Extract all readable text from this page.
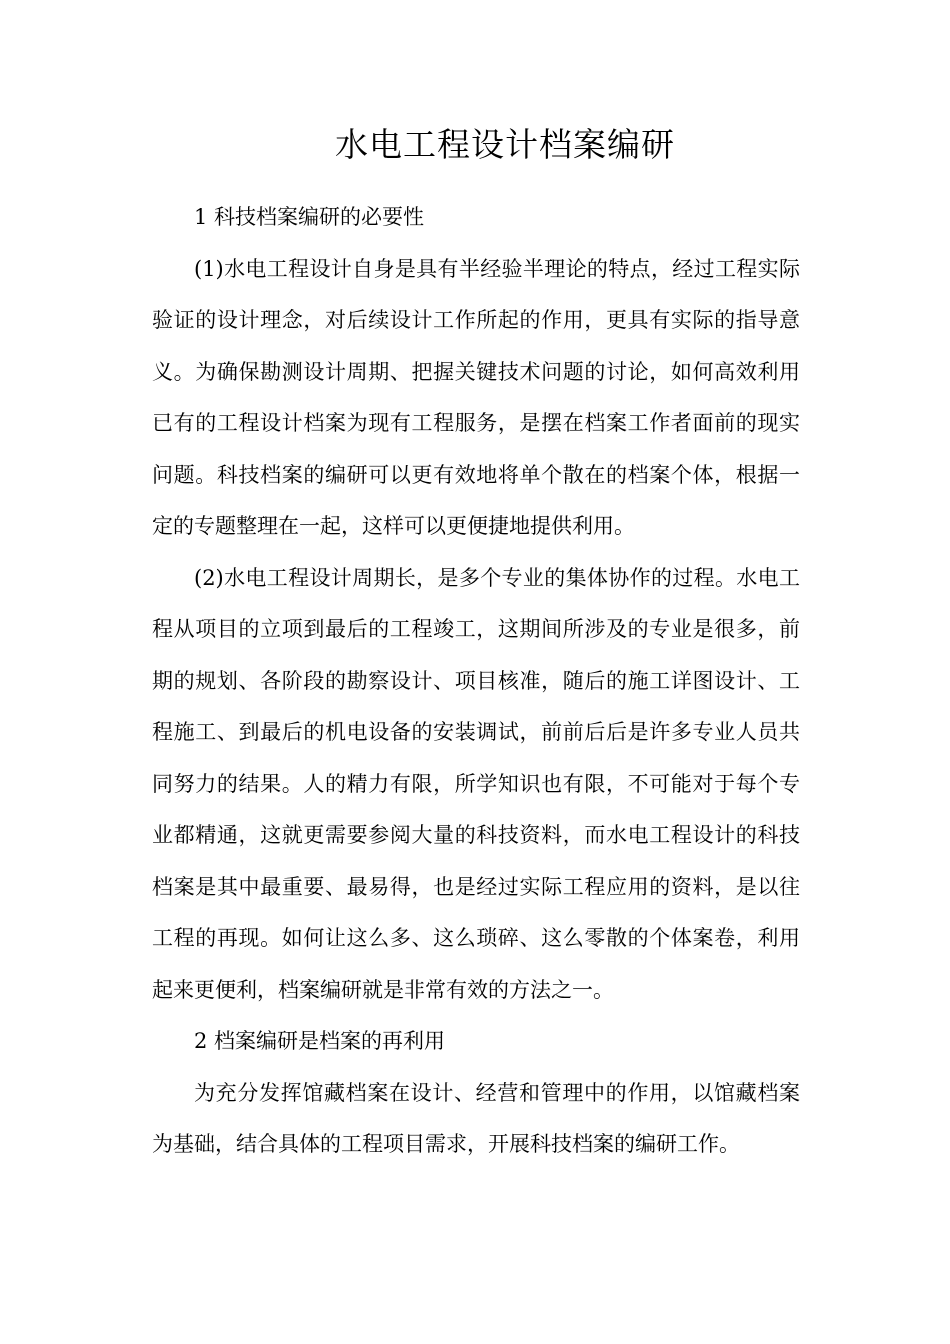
水电工程设计档案编研

1 科技档案编研的必要性

(1)水电工程设计自身是具有半经验半理论的特点，经过工程实际验证的设计理念，对后续设计工作所起的作用，更具有实际的指导意义。为确保勘测设计周期、把握关键技术问题的讨论，如何高效利用已有的工程设计档案为现有工程服务，是摆在档案工作者面前的现实问题。科技档案的编研可以更有效地将单个散在的档案个体，根据一定的专题整理在一起，这样可以更便捷地提供利用。

(2)水电工程设计周期长，是多个专业的集体协作的过程。水电工程从项目的立项到最后的工程竣工，这期间所涉及的专业是很多，前期的规划、各阶段的勘察设计、项目核准，随后的施工详图设计、工程施工、到最后的机电设备的安装调试，前前后后是许多专业人员共同努力的结果。人的精力有限，所学知识也有限，不可能对于每个专业都精通，这就更需要参阅大量的科技资料，而水电工程设计的科技档案是其中最重要、最易得，也是经过实际工程应用的资料，是以往工程的再现。如何让这么多、这么琐碎、这么零散的个体案卷，利用起来更便利，档案编研就是非常有效的方法之一。

2 档案编研是档案的再利用

为充分发挥馆藏档案在设计、经营和管理中的作用，以馆藏档案为基础，结合具体的工程项目需求，开展科技档案的编研工作。
